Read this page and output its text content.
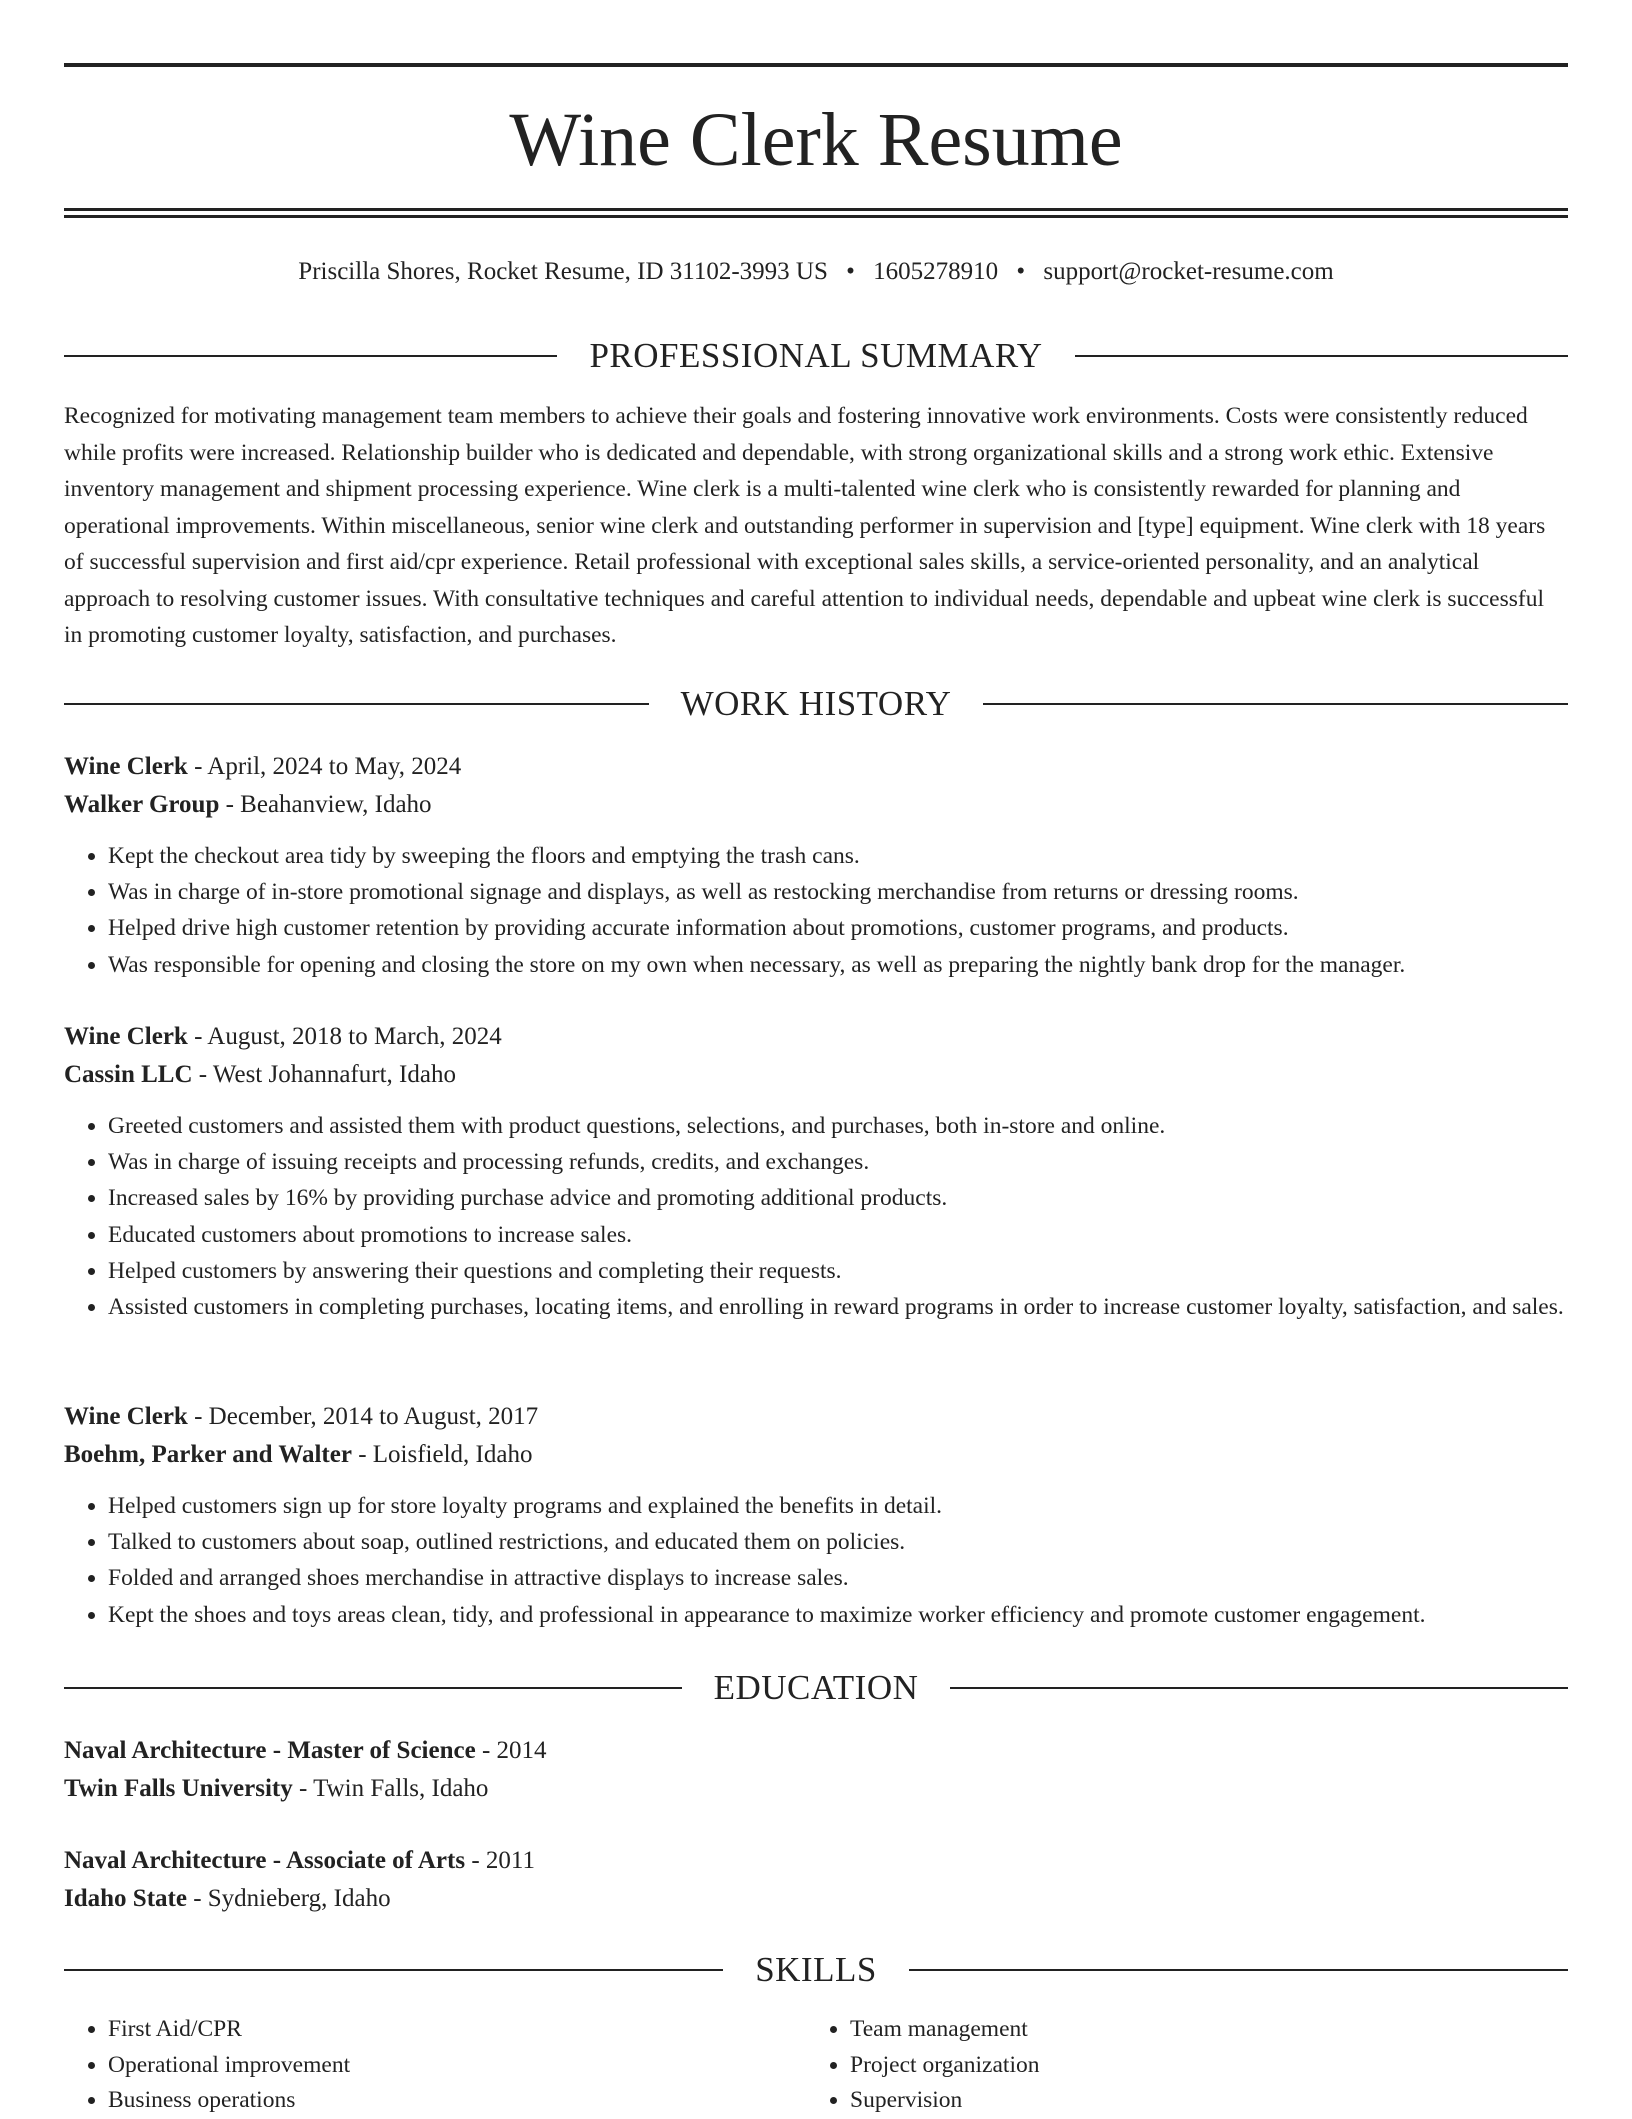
Wine Clerk Resume
Priscilla Shores, Rocket Resume, ID 31102-3993 US • 1605278910 • support@rocket-resume.com
PROFESSIONAL SUMMARY

Recognized for motivating management team members to achieve their goals and fostering innovative work environments. Costs were consistently reduced while profits were increased. Relationship builder who is dedicated and dependable, with strong organizational skills and a strong work ethic. Extensive inventory management and shipment processing experience. Wine clerk is a multi-talented wine clerk who is consistently rewarded for planning and operational improvements. Within miscellaneous, senior wine clerk and outstanding performer in supervision and [type] equipment. Wine clerk with 18 years of successful supervision and first aid/cpr experience. Retail professional with exceptional sales skills, a service-oriented personality, and an analytical approach to resolving customer issues. With consultative techniques and careful attention to individual needs, dependable and upbeat wine clerk is successful in promoting customer loyalty, satisfaction, and purchases.

WORK HISTORY
Wine Clerk - April, 2024 to May, 2024
Walker Group - Beahanview, Idaho
• Kept the checkout area tidy by sweeping the floors and emptying the trash cans.
• Was in charge of in-store promotional signage and displays, as well as restocking merchandise from returns or dressing rooms.
• Helped drive high customer retention by providing accurate information about promotions, customer programs, and products.
• Was responsible for opening and closing the store on my own when necessary, as well as preparing the nightly bank drop for the manager.
Wine Clerk - August, 2018 to March, 2024
Cassin LLC - West Johannafurt, Idaho
• Greeted customers and assisted them with product questions, selections, and purchases, both in-store and online.
• Was in charge of issuing receipts and processing refunds, credits, and exchanges.
• Increased sales by 16% by providing purchase advice and promoting additional products.
• Educated customers about promotions to increase sales.
• Helped customers by answering their questions and completing their requests.
• Assisted customers in completing purchases, locating items, and enrolling in reward programs in order to increase customer loyalty, satisfaction, and sales.
Wine Clerk - December, 2014 to August, 2017
Boehm, Parker and Walter - Loisfield, Idaho
• Helped customers sign up for store loyalty programs and explained the benefits in detail.
• Talked to customers about soap, outlined restrictions, and educated them on policies.
• Folded and arranged shoes merchandise in attractive displays to increase sales.
• Kept the shoes and toys areas clean, tidy, and professional in appearance to maximize worker efficiency and promote customer engagement.
EDUCATION
Naval Architecture - Master of Science - 2014
Twin Falls University - Twin Falls, Idaho
Naval Architecture - Associate of Arts - 2011
Idaho State - Sydnieberg, Idaho
SKILLS
• First Aid/CPR
• Operational improvement
• Business operations
• Team management
• Project organization
• Supervision
